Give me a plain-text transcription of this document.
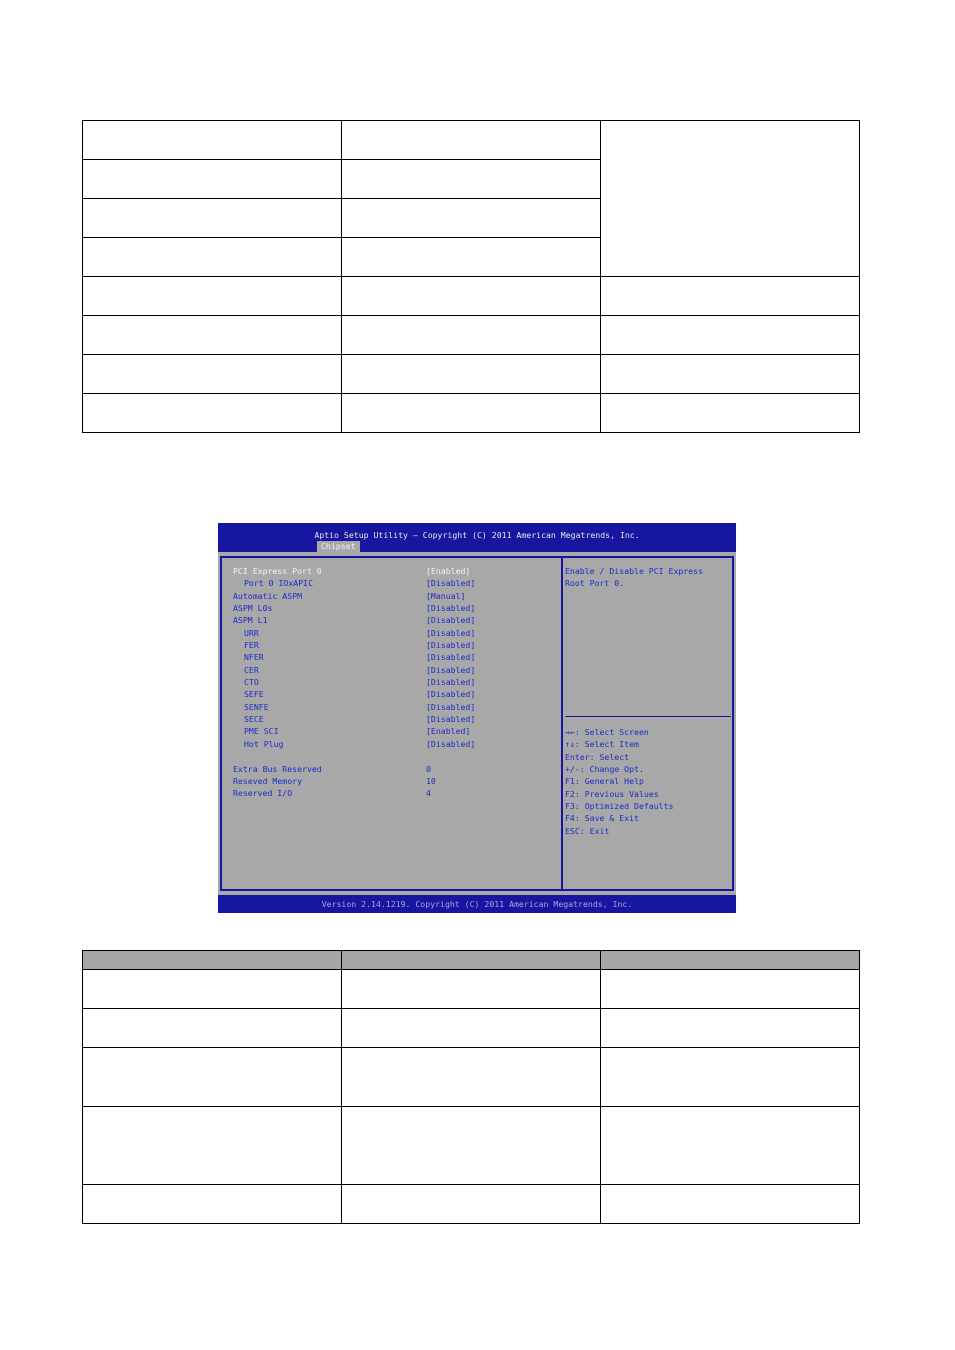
Aptio Setup Utility – Copyright (C) 2011 American Megatrends, Inc.
Chipset
PCI Express Port 0	[Enabled]
Port 0 IOxAPIC	[Disabled]
Automatic ASPM	[Manual]
ASPM L0s	[Disabled]
ASPM L1	[Disabled]
URR	[Disabled]
FER	[Disabled]
NFER	[Disabled]
CER	[Disabled]
CTO	[Disabled]
SEFE	[Disabled]
SENFE	[Disabled]
SECE	[Disabled]
PME SCI	[Enabled]
Hot Plug	[Disabled]
Extra Bus Reserved	0
Reseved Memory	10
Reserved I/O	4
Enable / Disable PCI Express
Root Port 0.
→←: Select Screen
↑↓: Select Item
Enter: Select
+/-: Change Opt.
F1: General Help
F2: Previous Values
F3: Optimized Defaults
F4: Save & Exit
ESC: Exit
Version 2.14.1219. Copyright (C) 2011 American Megatrends, Inc.
